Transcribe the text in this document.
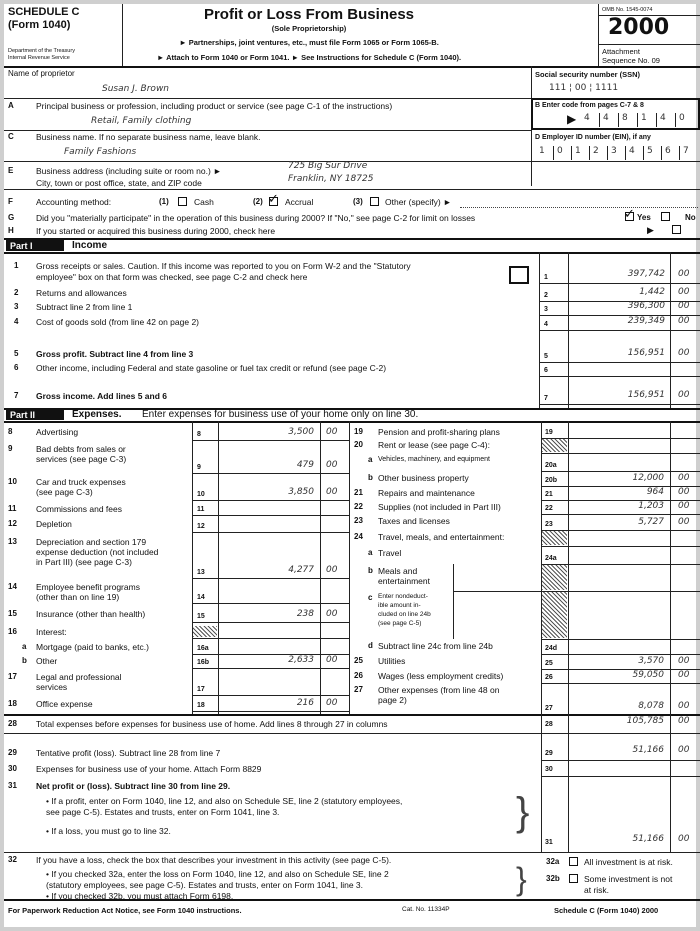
SCHEDULE C
(Form 1040)
Department of the Treasury
Internal Revenue Service
Profit or Loss From Business
(Sole Proprietorship)
► Partnerships, joint ventures, etc., must file Form 1065 or Form 1065-B.
► Attach to Form 1040 or Form 1041. ► See Instructions for Schedule C (Form 1040).
OMB No. 1545-0074
2000
Attachment
Sequence No. 09
Name of proprietor
Susan J. Brown
Social security number (SSN)
111 ¦ 00 ¦ 1111
A	Principal business or profession, including product or service (see page C-1 of the instructions)
Retail, Family clothing
B Enter code from pages C-7 & 8
▶ 4 4 8 1 4 0
C	Business name. If no separate business name, leave blank.
Family Fashions
D Employer ID number (EIN), if any
1 0 1 2 3 4 5 6 7
E	Business address (including suite or room no.) ►
City, town or post office, state, and ZIP code
725 Big Sur Drive
Franklin, NY 18725
F	Accounting method:	(1)	Cash	(2) ✓ Accrual	(3)	Other (specify) ►
G	Did you "materially participate" in the operation of this business during 2000? If "No," see page C-2 for limit on losses	✓ Yes	No
H	If you started or acquired this business during 2000, check here	▶
Part I	Income
1 Gross receipts or sales. Caution. If this income was reported to you on Form W-2 and the "Statutory
employee" box on that form was checked, see page C-2 and check here	1	397,742 00
2 Returns and allowances	2	1,442 00
3 Subtract line 2 from line 1	3	396,300 00
4 Cost of goods sold (from line 42 on page 2)	4	239,349 00
5 Gross profit. Subtract line 4 from line 3	5	156,951 00
6 Other income, including Federal and state gasoline or fuel tax credit or refund (see page C-2)	6
7 Gross income. Add lines 5 and 6	7	156,951 00
Part II	Expenses. Enter expenses for business use of your home only on line 30.
8	Advertising	8	3,500 00
9	Bad debts from sales or
services (see page C-3)
9	479 00
10 Car and truck expenses
(see page C-3)	10	3,850 00
11 Commissions and fees	11
12 Depletion	12
13 Depreciation and section 179
expense deduction (not included
in Part III) (see page C-3)
13	4,277 00
14 Employee benefit programs
(other than on line 19)	14
15 Insurance (other than health)	15	238 00
16 Interest:
a Mortgage (paid to banks, etc.)	16a
b Other	16b	2,633 00
17 Legal and professional
services	17
18 Office expense	18	216 00
19 Pension and profit-sharing plans	19
20 Rent or lease (see page C-4):
a Vehicles, machinery, and equipment
20a
b Other business property	20b	12,000 00
21 Repairs and maintenance	21	964 00
22 Supplies (not included in Part III)	22	1,203 00
23 Taxes and licenses	23	5,727 00
24 Travel, meals, and entertainment:
a Travel
24a
b Meals and
entertainment
c Enter nondeduct-
ible amount in-
cluded on line 24b
(see page C-5)
d Subtract line 24c from line 24b	24d
25 Utilities	25	3,570 00
26 Wages (less employment credits)	26	59,050 00
27 Other expenses (from line 48 on
page 2)
27	8,078 00
28 Total expenses before expenses for business use of home. Add lines 8 through 27 in columns	28	105,785 00
29 Tentative profit (loss). Subtract line 28 from line 7	29	51,166 00
30 Expenses for business use of your home. Attach Form 8829	30
31 Net profit or (loss). Subtract line 30 from line 29.
• If a profit, enter on Form 1040, line 12, and also on Schedule SE, line 2 (statutory employees,
see page C-5). Estates and trusts, enter on Form 1041, line 3.
• If a loss, you must go to line 32.	}
31	51,166 00
32 If you have a loss, check the box that describes your investment in this activity (see page C-5).
• If you checked 32a, enter the loss on Form 1040, line 12, and also on Schedule SE, line 2
(statutory employees, see page C-5). Estates and trusts, enter on Form 1041, line 3.
• If you checked 32b, you must attach Form 6198.	} 32a	All investment is at risk.
32b	Some investment is not
at risk.
For Paperwork Reduction Act Notice, see Form 1040 instructions.	Cat. No. 11334P	Schedule C (Form 1040) 2000
